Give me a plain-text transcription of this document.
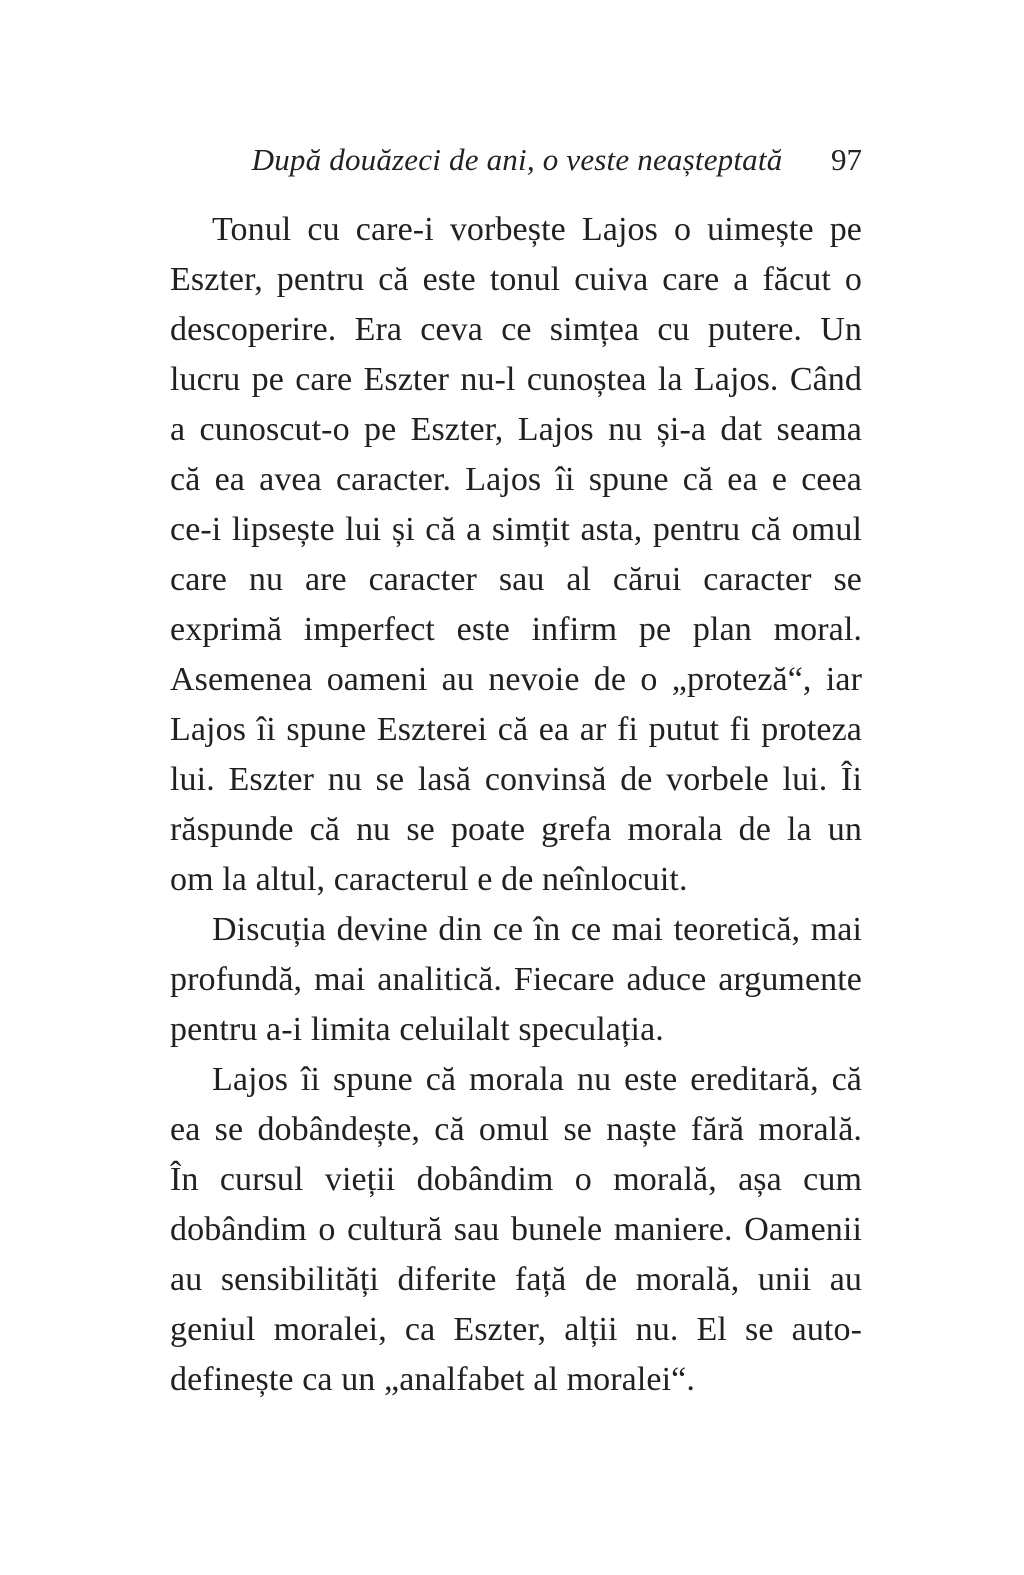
După douăzeci de ani, o veste neașteptată	97
Tonul cu care-i vorbește Lajos o uimește pe
Eszter, pentru că este tonul cuiva care a făcut o
descoperire. Era ceva ce simțea cu putere. Un
lucru pe care Eszter nu-l cunoștea la Lajos. Când
a cunoscut-o pe Eszter, Lajos nu și-a dat seama
că ea avea caracter. Lajos îi spune că ea e ceea
ce-i lipsește lui și că a simțit asta, pentru că omul
care nu are caracter sau al cărui caracter se
exprimă imperfect este infirm pe plan moral.
Asemenea oameni au nevoie de o „proteză“, iar
Lajos îi spune Eszterei că ea ar fi putut fi proteza
lui. Eszter nu se lasă convinsă de vorbele lui. Îi
răspunde că nu se poate grefa morala de la un
om la altul, caracterul e de neînlocuit.
Discuția devine din ce în ce mai teoretică, mai
profundă, mai analitică. Fiecare aduce argumente
pentru a-i limita celuilalt speculația.
Lajos îi spune că morala nu este ereditară, că
ea se dobândește, că omul se naște fără morală.
În cursul vieții dobândim o morală, așa cum
dobândim o cultură sau bunele maniere. Oamenii
au sensibilități diferite față de morală, unii au
geniul moralei, ca Eszter, alții nu. El se auto-
definește ca un „analfabet al moralei“.
